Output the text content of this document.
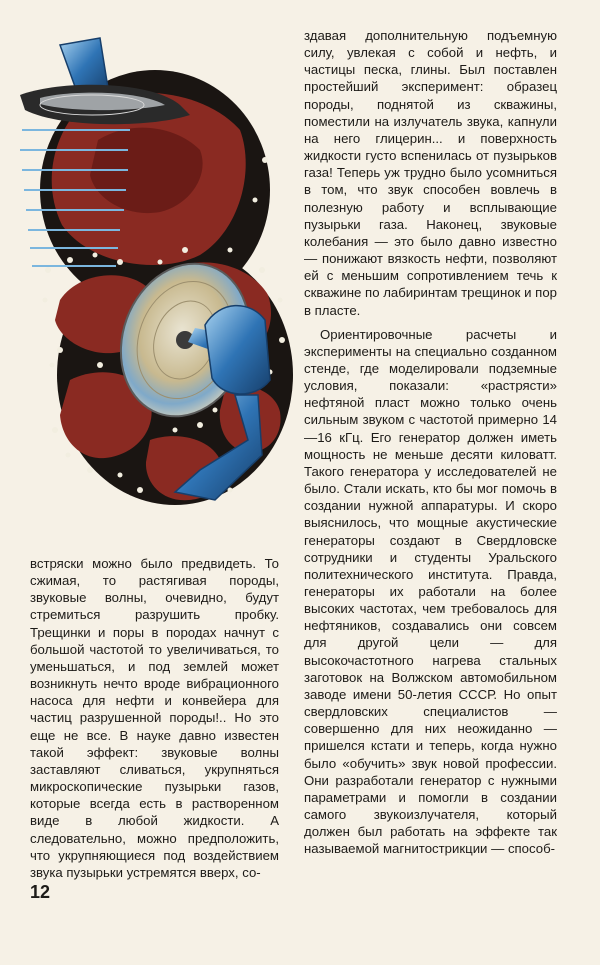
здавая дополнительную подъемную силу, увлекая с собой и нефть, и частицы песка, глины. Был поставлен простейший эксперимент: образец породы, поднятой из скважины, поместили на излучатель звука, капнули на него глицерин... и поверхность жидкости густо вспенилась от пузырьков газа! Теперь уж трудно было усомниться в том, что звук способен вовлечь в полезную работу и всплывающие пузырьки газа. Наконец, звуковые колебания — это было давно известно — понижают вязкость нефти, позволяют ей с меньшим сопротивлением течь к скважине по лабиринтам трещинок и пор в пласте.

Ориентировочные расчеты и эксперименты на специально созданном стенде, где моделировали подземные условия, показали: «растрясти» нефтяной пласт можно только очень сильным звуком с частотой примерно 14—16 кГц. Его генератор должен иметь мощность не меньше десяти киловатт. Такого генератора у исследователей не было. Стали искать, кто бы мог помочь в создании нужной аппаратуры. И скоро выяснилось, что мощные акустические генераторы создают в Свердловске сотрудники и студенты Уральского политехнического института. Правда, генераторы их работали на более высоких частотах, чем требовалось для нефтяников, создавались они совсем для другой цели — для высокочастотного нагрева стальных заготовок на Волжском автомобильном заводе имени 50-летия СССР. Но опыт свердловских специалистов — совершенно для них неожиданно — пришелся кстати и теперь, когда нужно было «обучить» звук новой профессии. Они разработали генератор с нужными параметрами и помогли в создании самого звукоизлучателя, который должен был работать на эффекте так называемой магнитострикции — способ-

встряски можно было предвидеть. То сжимая, то растягивая породы, звуковые волны, очевидно, будут стремиться разрушить пробку. Трещинки и поры в породах начнут с большой частотой то увеличиваться, то уменьшаться, и под землей может возникнуть нечто вроде вибрационного насоса для нефти и конвейера для частиц разрушенной породы!.. Но это еще не все. В науке давно известен такой эффект: звуковые волны заставляют сливаться, укрупняться микроскопические пузырьки газов, которые всегда есть в растворенном виде в любой жидкости. А следовательно, можно предположить, что укрупняющиеся под воздействием звука пузырьки устремятся вверх, со-

12
